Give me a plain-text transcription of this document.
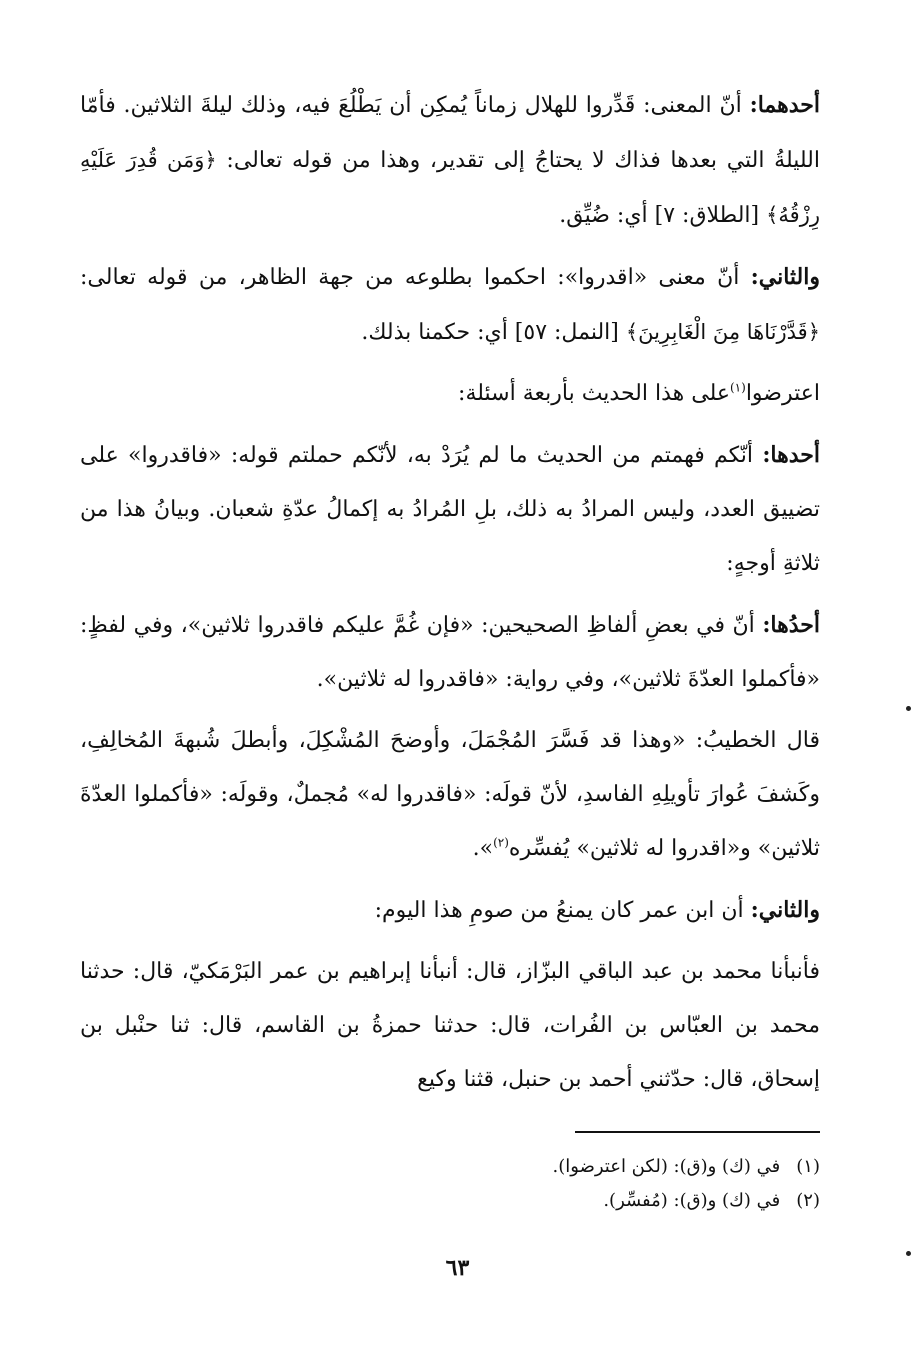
أحدهما: أنّ المعنى: قَدِّروا للهلال زماناً يُمكِن أن يَطْلُعَ فيه، وذلك ليلةَ الثلاثين. فأمّا الليلةُ التي بعدها فذاك لا يحتاجُ إلى تقدير، وهذا من قوله تعالى: ﴿وَمَن قُدِرَ عَلَيْهِ رِزْقُهُ﴾ [الطلاق: ٧] أي: ضُيِّق.

والثاني: أنّ معنى «اقدروا»: احكموا بطلوعه من جهة الظاهر، من قوله تعالى: ﴿قَدَّرْنَاهَا مِنَ الْغَابِرِينَ﴾ [النمل: ٥٧] أي: حكمنا بذلك.

اعترضوا$^{(١)}$على هذا الحديث بأربعة أسئلة:

أحدها: أنّكم فهمتم من الحديث ما لم يُرَدْ به، لأنّكم حملتم قوله: «فاقدروا» على تضييق العدد، وليس المرادُ به ذلك، بلِ المُرادُ به إكمالُ عدّةِ شعبان. وبيانُ هذا من ثلاثةِ أوجهٍ:

أحدُها: أنّ في بعضِ ألفاظِ الصحيحين: «فإن غُمَّ عليكم فاقدروا ثلاثين»، وفي لفظٍ: «فأكملوا العدّةَ ثلاثين»، وفي رواية: «فاقدروا له ثلاثين».

قال الخطيبُ: «وهذا قد فَسَّرَ المُجْمَلَ، وأوضحَ المُشْكِلَ، وأبطلَ شُبهةَ المُخالِفِ، وكَشفَ عُوارَ تأويلِهِ الفاسدِ، لأنّ قولَه: «فاقدروا له» مُجملٌ، وقولَه: «فأكملوا العدّةَ ثلاثين» و«اقدروا له ثلاثين» يُفسِّره$^{(٢)}$».

والثاني: أن ابن عمر كان يمنعُ من صومِ هذا اليوم:

فأنبأنا محمد بن عبد الباقي البزّاز، قال: أنبأنا إبراهيم بن عمر البَرْمَكيّ، قال: حدثنا محمد بن العبّاس بن الفُرات، قال: حدثنا حمزةُ بن القاسم، قال: ثنا حنْبل بن إسحاق، قال: حدّثني أحمد بن حنبل، قثنا وكيع

(١) في (ك) و(ق): (لكن اعترضوا).

(٢) في (ك) و(ق): (مُفسِّر).

٦٣
